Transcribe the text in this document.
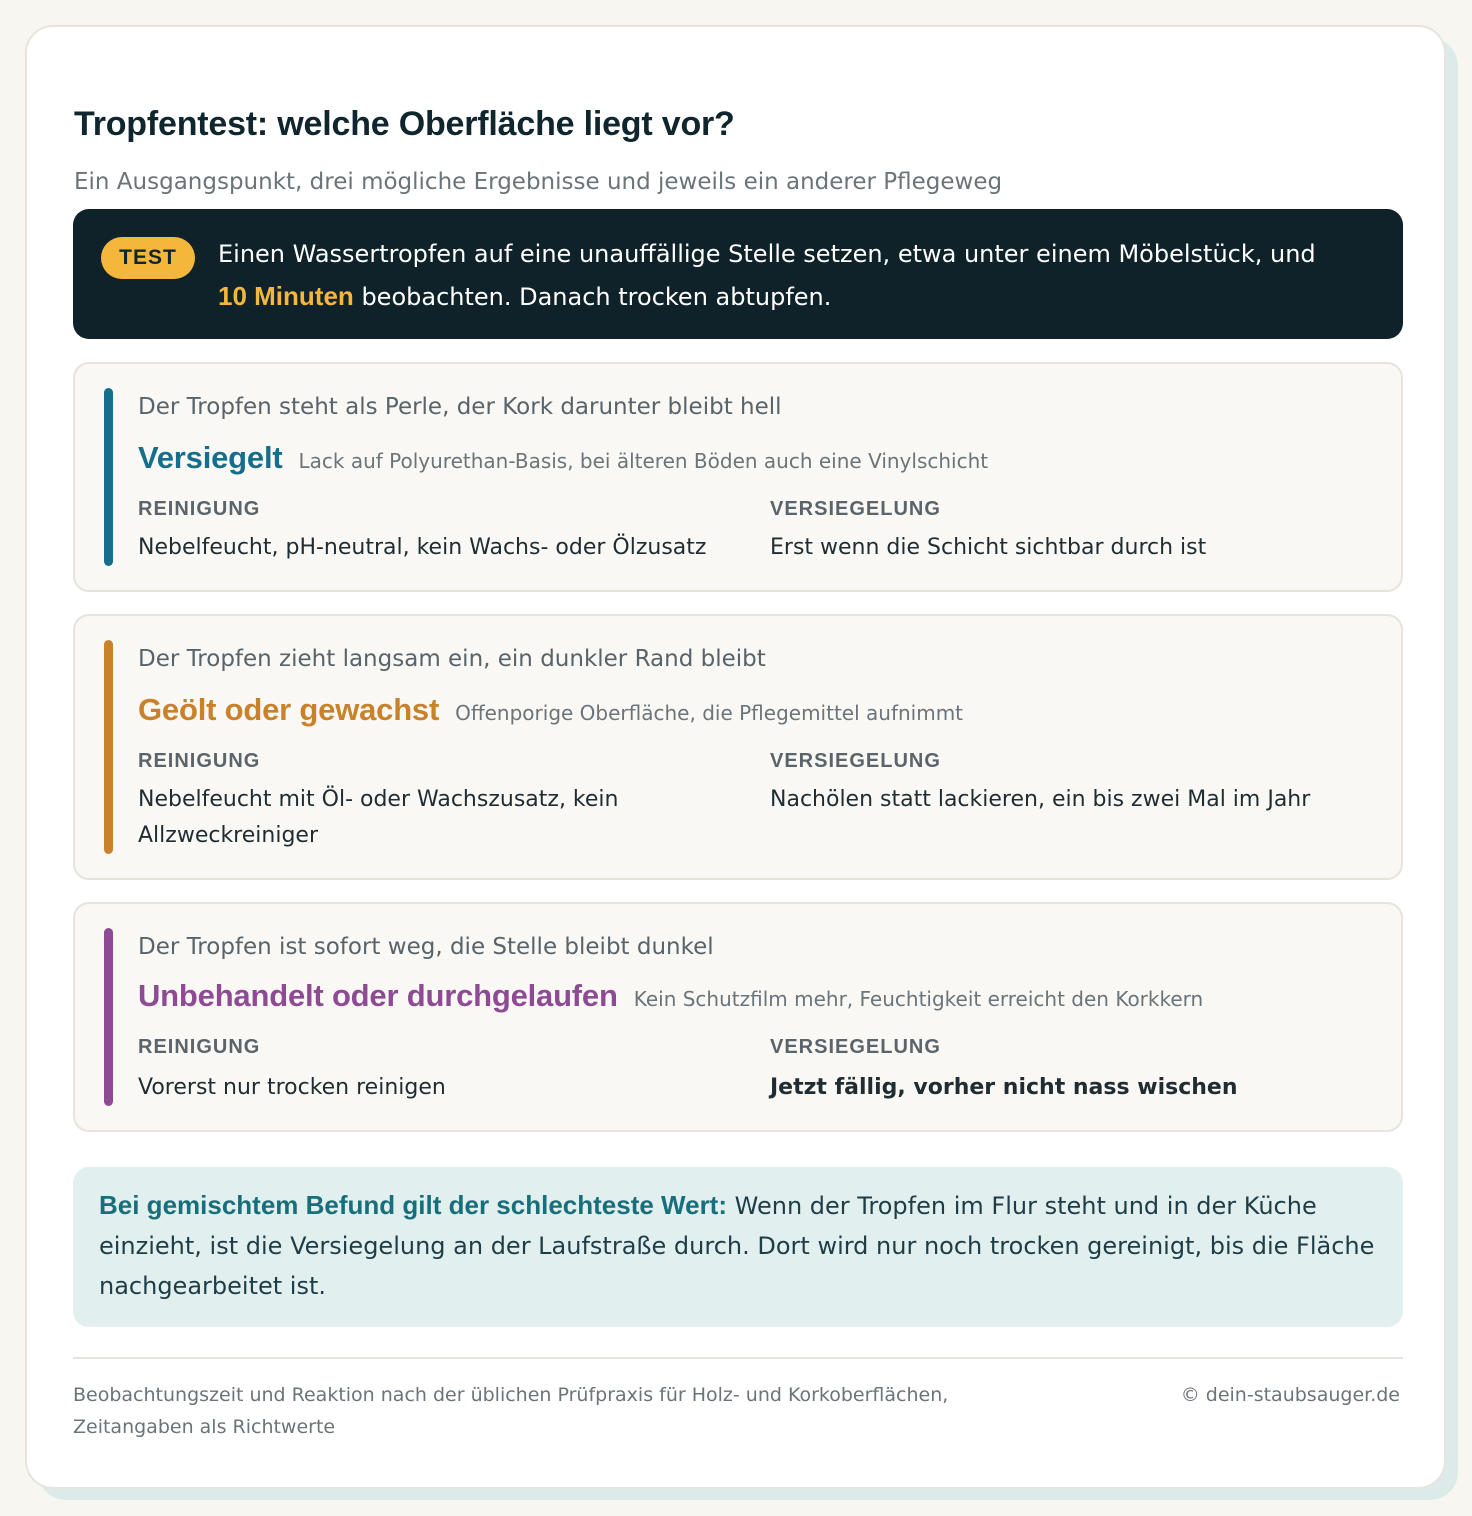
Tropfentest: welche Oberfläche liegt vor?

Ein Ausgangspunkt, drei mögliche Ergebnisse und jeweils ein anderer Pflegeweg

TEST	Einen Wassertropfen auf eine unauffällige Stelle setzen, etwa unter einem Möbelstück, und
10 Minuten beobachten. Danach trocken abtupfen.

Der Tropfen steht als Perle, der Kork darunter bleibt hell
Versiegelt Lack auf Polyurethan-Basis, bei älteren Böden auch eine Vinylschicht
REINIGUNG
Nebelfeucht, pH-neutral, kein Wachs- oder Ölzusatz
VERSIEGELUNG
Erst wenn die Schicht sichtbar durch ist
Der Tropfen zieht langsam ein, ein dunkler Rand bleibt
Geölt oder gewachst Offenporige Oberfläche, die Pflegemittel aufnimmt
REINIGUNG
Nebelfeucht mit Öl- oder Wachszusatz, kein Allzweckreiniger
VERSIEGELUNG
Nachölen statt lackieren, ein bis zwei Mal im Jahr
Der Tropfen ist sofort weg, die Stelle bleibt dunkel
Unbehandelt oder durchgelaufen Kein Schutzfilm mehr, Feuchtigkeit erreicht den Korkkern
REINIGUNG
Vorerst nur trocken reinigen
VERSIEGELUNG
Jetzt fällig, vorher nicht nass wischen
Bei gemischtem Befund gilt der schlechteste Wert: Wenn der Tropfen im Flur steht und in der Küche einzieht, ist die Versiegelung an der Laufstraße durch. Dort wird nur noch trocken gereinigt, bis die Fläche nachgearbeitet ist.

Beobachtungszeit und Reaktion nach der üblichen Prüfpraxis für Holz- und Korkoberflächen, Zeitangaben als Richtwerte

© dein-staubsauger.de
